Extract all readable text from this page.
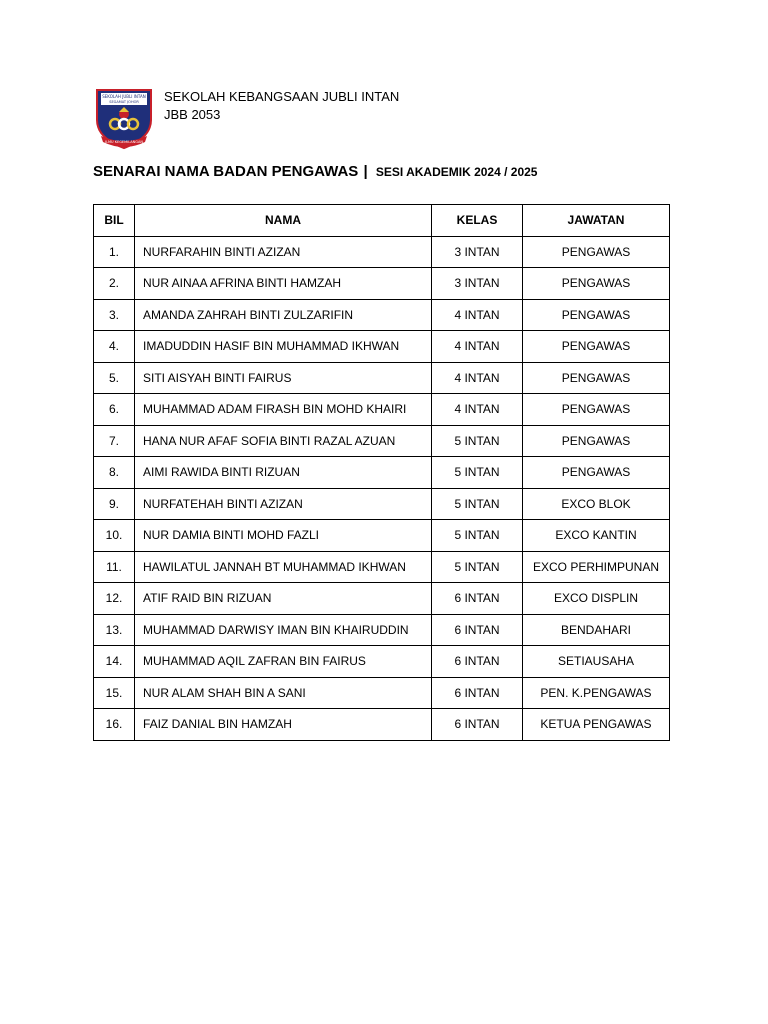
SEKOLAH JUBLI INTAN
SEGAMAT JOHOR
ILMU KEGEMILANGAN
SEKOLAH KEBANGSAAN JUBLI INTAN
JBB 2053
SENARAI NAMA BADAN PENGAWAS | SESI AKADEMIK 2024 / 2025
BIL	NAMA	KELAS	JAWATAN
1.	NURFARAHIN BINTI AZIZAN	3 INTAN	PENGAWAS
2.	NUR AINAA AFRINA BINTI HAMZAH	3 INTAN	PENGAWAS
3.	AMANDA ZAHRAH BINTI ZULZARIFIN	4 INTAN	PENGAWAS
4.	IMADUDDIN HASIF BIN MUHAMMAD IKHWAN	4 INTAN	PENGAWAS
5.	SITI AISYAH BINTI FAIRUS	4 INTAN	PENGAWAS
6.	MUHAMMAD ADAM FIRASH BIN MOHD KHAIRI	4 INTAN	PENGAWAS
7.	HANA NUR AFAF SOFIA BINTI RAZAL AZUAN	5 INTAN	PENGAWAS
8.	AIMI RAWIDA BINTI RIZUAN	5 INTAN	PENGAWAS
9.	NURFATEHAH BINTI AZIZAN	5 INTAN	EXCO BLOK
10.	NUR DAMIA BINTI MOHD FAZLI	5 INTAN	EXCO KANTIN
11.	HAWILATUL JANNAH BT MUHAMMAD IKHWAN	5 INTAN	EXCO PERHIMPUNAN
12.	ATIF RAID BIN RIZUAN	6 INTAN	EXCO DISPLIN
13.	MUHAMMAD DARWISY IMAN BIN KHAIRUDDIN	6 INTAN	BENDAHARI
14.	MUHAMMAD AQIL ZAFRAN BIN FAIRUS	6 INTAN	SETIAUSAHA
15.	NUR ALAM SHAH BIN A SANI	6 INTAN	PEN. K.PENGAWAS
16.	FAIZ DANIAL BIN HAMZAH	6 INTAN	KETUA PENGAWAS
